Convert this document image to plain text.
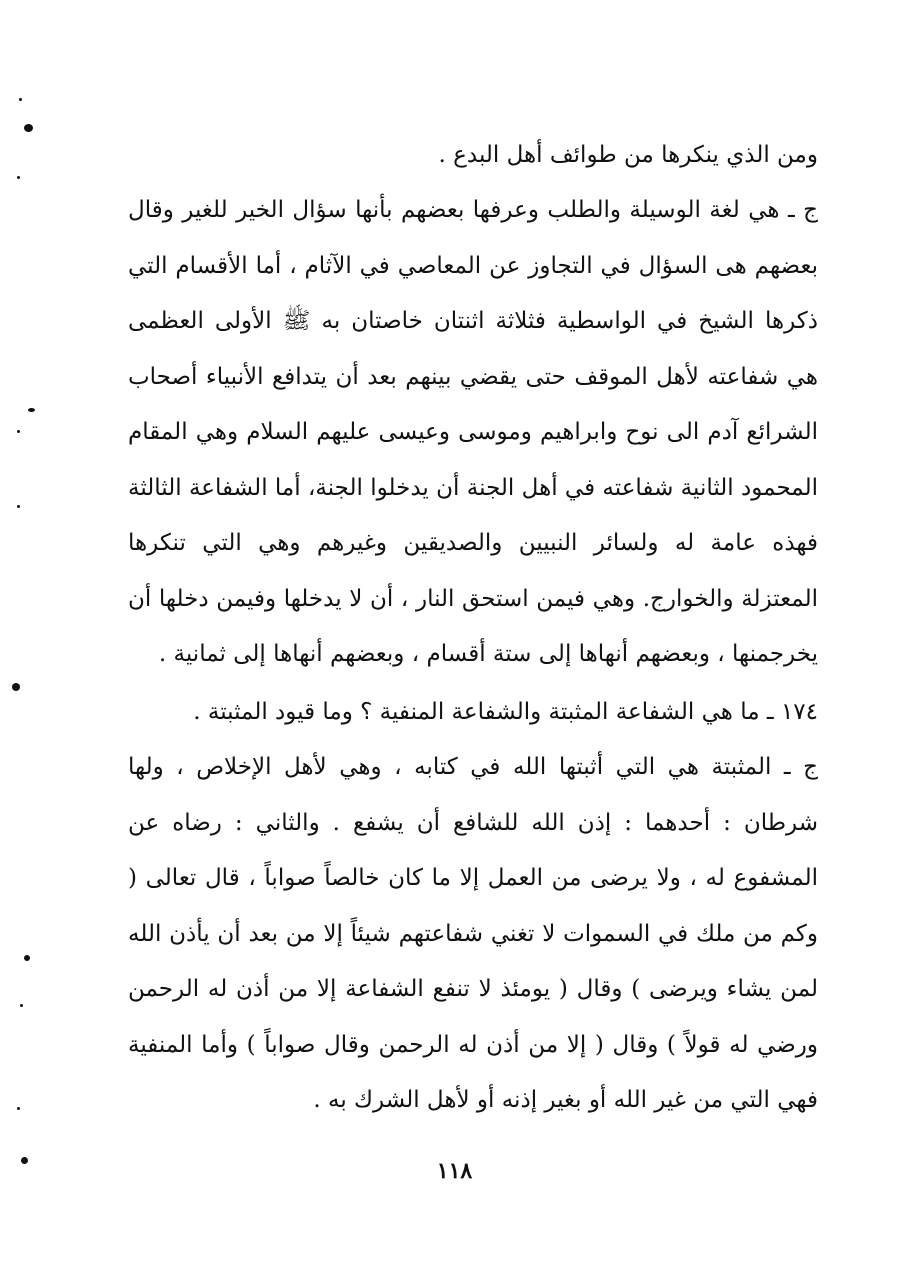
ومن الذي ينكرها من طوائف أهل البدع .

ج ـ هي لغة الوسيلة والطلب وعرفها بعضهم بأنها سؤال الخير للغير وقال بعضهم هى السؤال في التجاوز عن المعاصي في الآثام ، أما الأقسام التي ذكرها الشيخ في الواسطية فثلاثة اثنتان خاصتان به ﷺ الأولى العظمى هي شفاعته لأهل الموقف حتى يقضي بينهم بعد أن يتدافع الأنبياء أصحاب الشرائع آدم الى نوح وابراهيم وموسى وعيسى عليهم السلام وهي المقام المحمود الثانية شفاعته في أهل الجنة أن يدخلوا الجنة، أما الشفاعة الثالثة فهذه عامة له ولسائر النبيين والصديقين وغيرهم وهي التي تنكرها المعتزلة والخوارج. وهي فيمن استحق النار ، أن لا يدخلها وفيمن دخلها أن يخرجمنها ، وبعضهم أنهاها إلى ستة أقسام ، وبعضهم أنهاها إلى ثمانية .

١٧٤ ـ ما هي الشفاعة المثبتة والشفاعة المنفية ؟ وما قيود المثبتة .

ج ـ المثبتة هي التي أثبتها الله في كتابه ، وهي لأهل الإخلاص ، ولها شرطان : أحدهما : إذن الله للشافع أن يشفع . والثاني : رضاه عن المشفوع له ، ولا يرضى من العمل إلا ما كان خالصاً صواباً ، قال تعالى ( وكم من ملك في السموات لا تغني شفاعتهم شيئاً إلا من بعد أن يأذن الله لمن يشاء ويرضى ) وقال ( يومئذ لا تنفع الشفاعة إلا من أذن له الرحمن ورضي له قولاً ) وقال ( إلا من أذن له الرحمن وقال صواباً ) وأما المنفية فهي التي من غير الله أو بغير إذنه أو لأهل الشرك به .

١١٨
